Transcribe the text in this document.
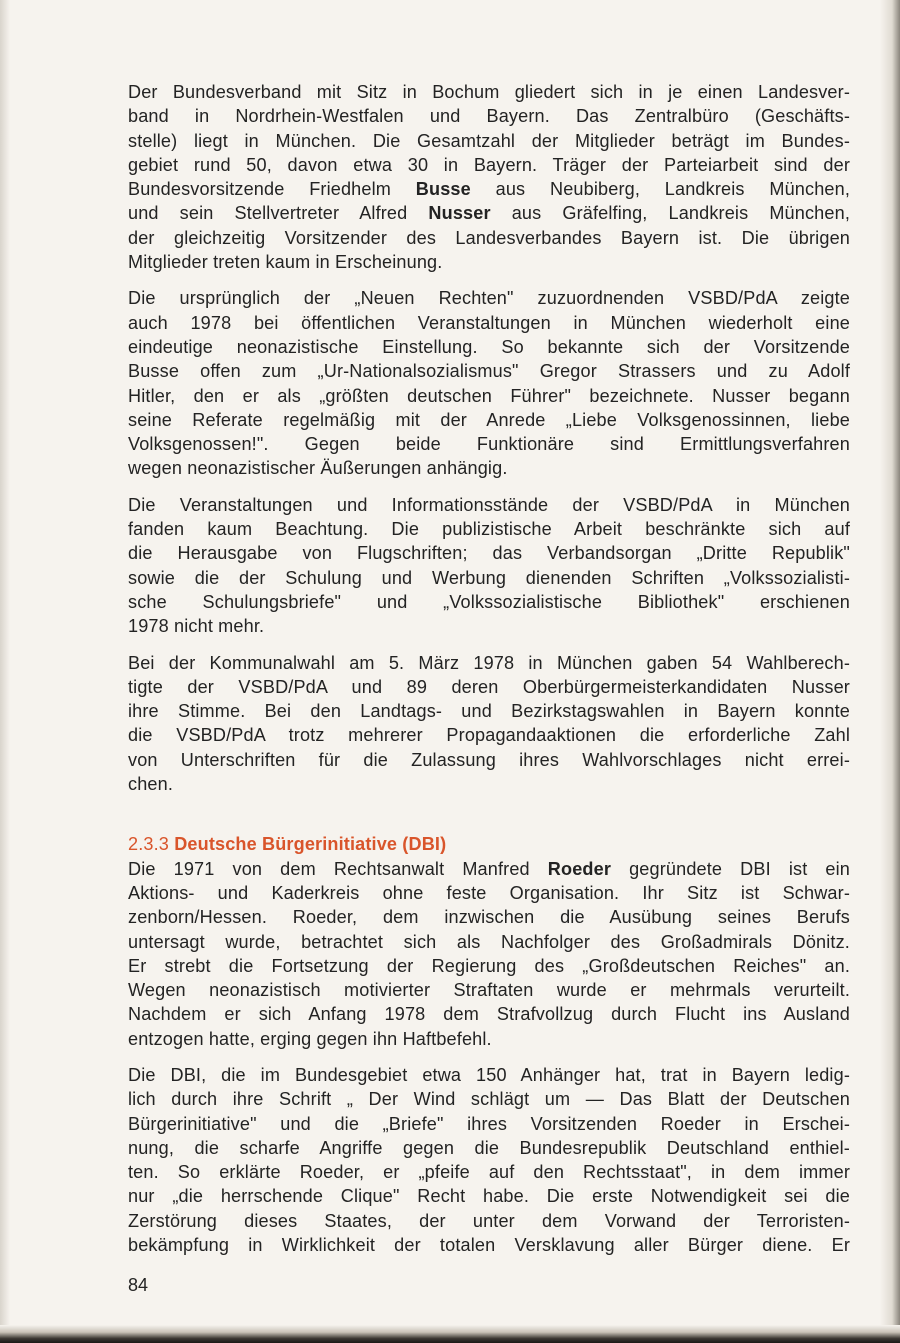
Der Bundesverband mit Sitz in Bochum gliedert sich in je einen Landesver-
band in Nordrhein-Westfalen und Bayern. Das Zentralbüro (Geschäfts-
stelle) liegt in München. Die Gesamtzahl der Mitglieder beträgt im Bundes-
gebiet rund 50, davon etwa 30 in Bayern. Träger der Parteiarbeit sind der
Bundesvorsitzende Friedhelm Busse aus Neubiberg, Landkreis München,
und sein Stellvertreter Alfred Nusser aus Gräfelfing, Landkreis München,
der gleichzeitig Vorsitzender des Landesverbandes Bayern ist. Die übrigen
Mitglieder treten kaum in Erscheinung.
Die ursprünglich der „Neuen Rechten" zuzuordnenden VSBD/PdA zeigte
auch 1978 bei öffentlichen Veranstaltungen in München wiederholt eine
eindeutige neonazistische Einstellung. So bekannte sich der Vorsitzende
Busse offen zum „Ur-Nationalsozialismus" Gregor Strassers und zu Adolf
Hitler, den er als „größten deutschen Führer" bezeichnete. Nusser begann
seine Referate regelmäßig mit der Anrede „Liebe Volksgenossinnen, liebe
Volksgenossen!". Gegen beide Funktionäre sind Ermittlungsverfahren
wegen neonazistischer Äußerungen anhängig.
Die Veranstaltungen und Informationsstände der VSBD/PdA in München
fanden kaum Beachtung. Die publizistische Arbeit beschränkte sich auf
die Herausgabe von Flugschriften; das Verbandsorgan „Dritte Republik"
sowie die der Schulung und Werbung dienenden Schriften „Volkssozialisti-
sche Schulungsbriefe" und „Volkssozialistische Bibliothek" erschienen
1978 nicht mehr.
Bei der Kommunalwahl am 5. März 1978 in München gaben 54 Wahlberech-
tigte der VSBD/PdA und 89 deren Oberbürgermeisterkandidaten Nusser
ihre Stimme. Bei den Landtags- und Bezirkstagswahlen in Bayern konnte
die VSBD/PdA trotz mehrerer Propagandaaktionen die erforderliche Zahl
von Unterschriften für die Zulassung ihres Wahlvorschlages nicht errei-
chen.
2.3.3 Deutsche Bürgerinitiative (DBI)
Die 1971 von dem Rechtsanwalt Manfred Roeder gegründete DBI ist ein
Aktions- und Kaderkreis ohne feste Organisation. Ihr Sitz ist Schwar-
zenborn/Hessen. Roeder, dem inzwischen die Ausübung seines Berufs
untersagt wurde, betrachtet sich als Nachfolger des Großadmirals Dönitz.
Er strebt die Fortsetzung der Regierung des „Großdeutschen Reiches" an.
Wegen neonazistisch motivierter Straftaten wurde er mehrmals verurteilt.
Nachdem er sich Anfang 1978 dem Strafvollzug durch Flucht ins Ausland
entzogen hatte, erging gegen ihn Haftbefehl.
Die DBI, die im Bundesgebiet etwa 150 Anhänger hat, trat in Bayern ledig-
lich durch ihre Schrift „ Der Wind schlägt um — Das Blatt der Deutschen
Bürgerinitiative" und die „Briefe" ihres Vorsitzenden Roeder in Erschei-
nung, die scharfe Angriffe gegen die Bundesrepublik Deutschland enthiel-
ten. So erklärte Roeder, er „pfeife auf den Rechtsstaat", in dem immer
nur „die herrschende Clique" Recht habe. Die erste Notwendigkeit sei die
Zerstörung dieses Staates, der unter dem Vorwand der Terroristen-
bekämpfung in Wirklichkeit der totalen Versklavung aller Bürger diene. Er
84
